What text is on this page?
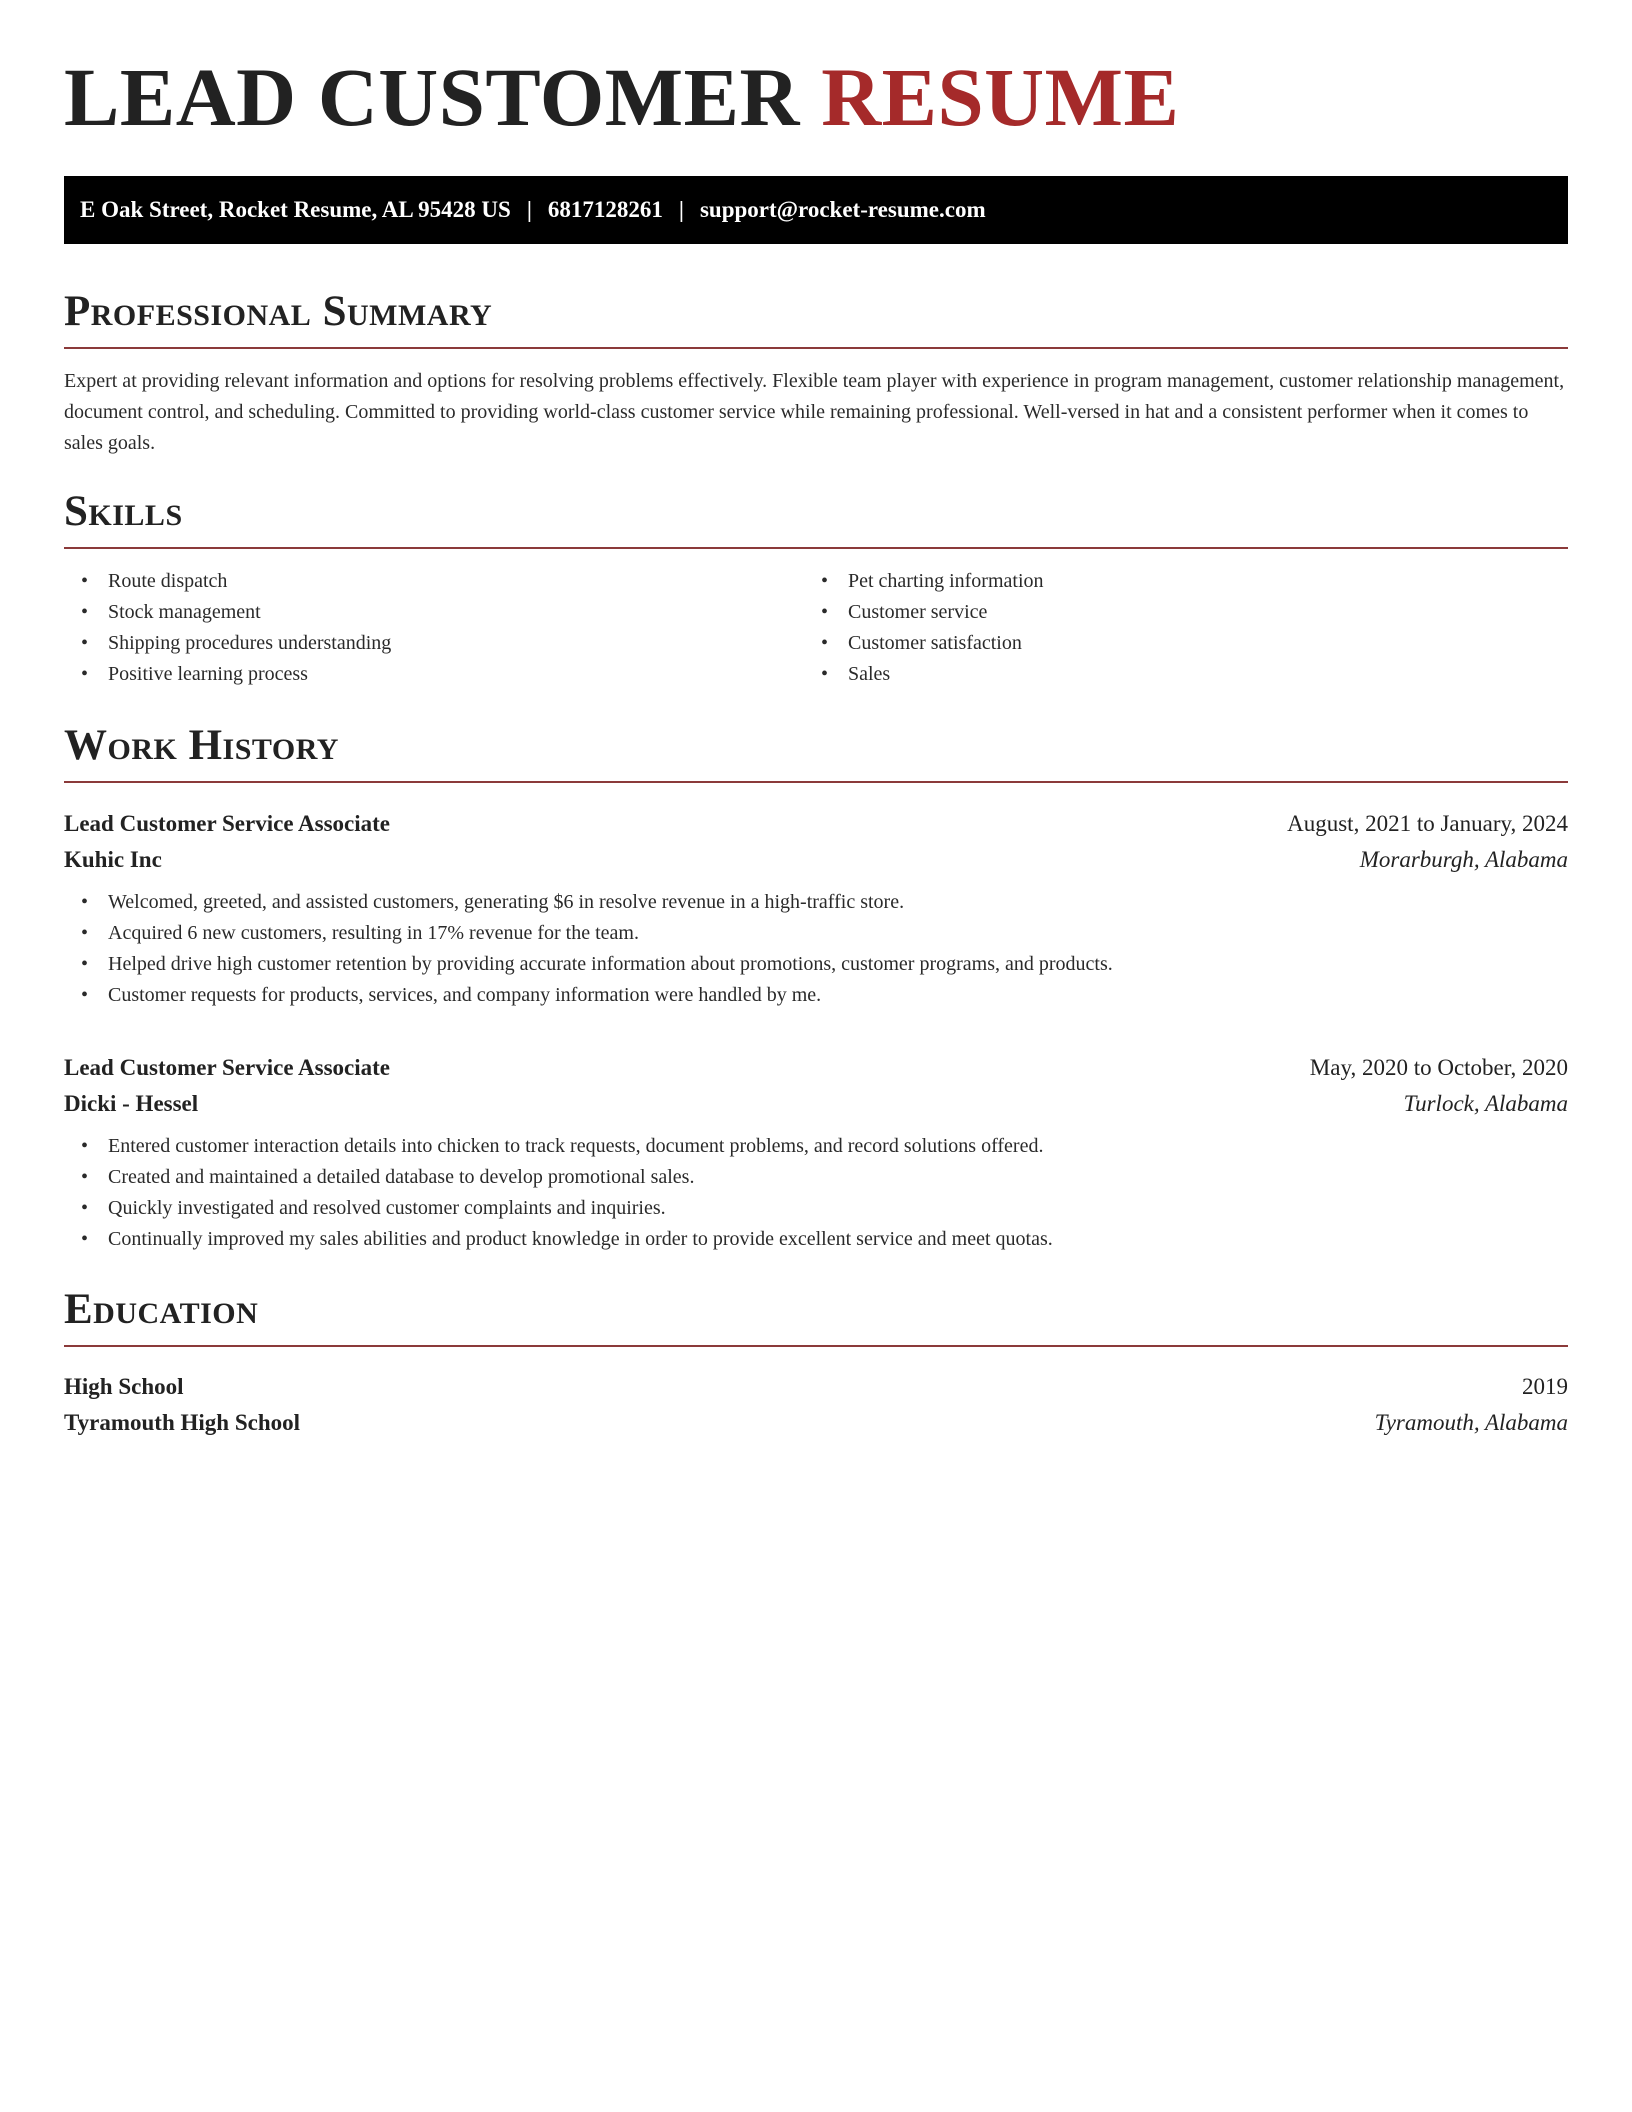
LEAD CUSTOMER RESUME
E Oak Street, Rocket Resume, AL 95428 US | 6817128261 | support@rocket-resume.com
Professional Summary
Expert at providing relevant information and options for resolving problems effectively. Flexible team player with experience in program management, customer relationship management, document control, and scheduling. Committed to providing world-class customer service while remaining professional. Well-versed in hat and a consistent performer when it comes to sales goals.
Skills
• Route dispatch
• Stock management
• Shipping procedures understanding
• Positive learning process
• Pet charting information
• Customer service
• Customer satisfaction
• Sales
Work History
Lead Customer Service Associate	August, 2021 to January, 2024
Kuhic Inc	Morarburgh, Alabama
• Welcomed, greeted, and assisted customers, generating $6 in resolve revenue in a high-traffic store.
• Acquired 6 new customers, resulting in 17% revenue for the team.
• Helped drive high customer retention by providing accurate information about promotions, customer programs, and products.
• Customer requests for products, services, and company information were handled by me.
Lead Customer Service Associate	May, 2020 to October, 2020
Dicki - Hessel	Turlock, Alabama
• Entered customer interaction details into chicken to track requests, document problems, and record solutions offered.
• Created and maintained a detailed database to develop promotional sales.
• Quickly investigated and resolved customer complaints and inquiries.
• Continually improved my sales abilities and product knowledge in order to provide excellent service and meet quotas.
Education
High School	2019
Tyramouth High School	Tyramouth, Alabama
